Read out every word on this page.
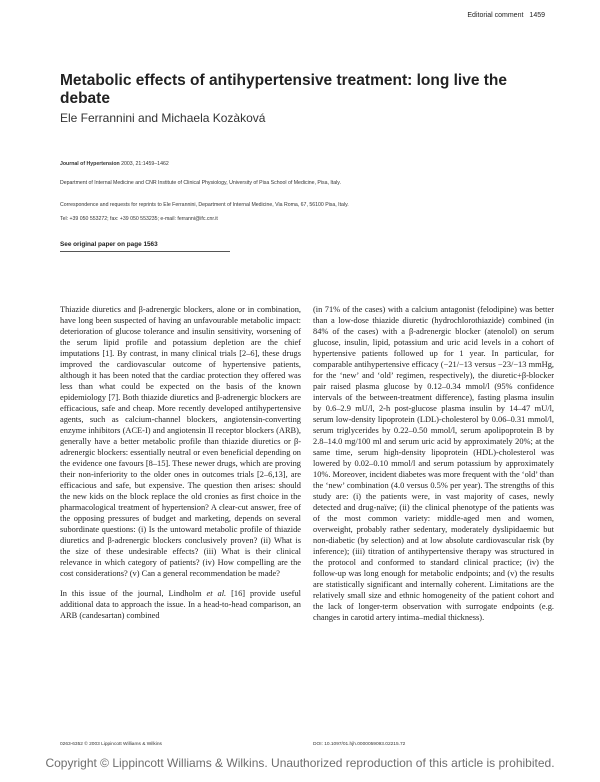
Editorial comment 1459
Metabolic effects of antihypertensive treatment: long live the debate
Ele Ferrannini and Michaela Kozàková
Journal of Hypertension 2003, 21:1459–1462
Department of Internal Medicine and CNR Institute of Clinical Physiology, University of Pisa School of Medicine, Pisa, Italy.
Correspondence and requests for reprints to Ele Ferrannini, Department of Internal Medicine, Via Roma, 67, 56100 Pisa, Italy.
Tel: +39 050 553272; fax: +39 050 553235; e-mail: ferranni@ifc.cnr.it
See original paper on page 1563

Thiazide diuretics and β-adrenergic blockers, alone or in combination, have long been suspected of having an unfavourable metabolic impact: deterioration of glucose tolerance and insulin sensitivity, worsening of the serum lipid profile and potassium depletion are the chief imputations [1]. By contrast, in many clinical trials [2–6], these drugs improved the cardiovascular outcome of hypertensive patients, although it has been noted that the cardiac protection they offered was less than what could be expected on the basis of the known epidemiology [7]. Both thiazide diuretics and β-adrenergic blockers are efficacious, safe and cheap. More recently developed antihypertensive agents, such as calcium-channel blockers, angiotensin-converting enzyme inhibitors (ACE-I) and angiotensin II receptor blockers (ARB), generally have a better metabolic profile than thiazide diuretics or β-adrenergic blockers: essentially neutral or even beneficial depending on the evidence one favours [8–15]. These newer drugs, which are proving their non-inferiority to the older ones in outcomes trials [2–6,13], are efficacious and safe, but expensive. The question then arises: should the new kids on the block replace the old cronies as first choice in the pharmacological treatment of hypertension? A clear-cut answer, free of the opposing pressures of budget and marketing, depends on several subordinate questions: (i) Is the untoward metabolic profile of thiazide diuretics and β-adrenergic blockers conclusively proven? (ii) What is the size of these undesirable effects? (iii) What is their clinical relevance in which category of patients? (iv) How compelling are the cost considerations? (v) Can a general recommendation be made?

In this issue of the journal, Lindholm et al. [16] provide useful additional data to approach the issue. In a head-to-head comparison, an ARB (candesartan) combined

(in 71% of the cases) with a calcium antagonist (felodipine) was better than a low-dose thiazide diuretic (hydrochlorothiazide) combined (in 84% of the cases) with a β-adrenergic blocker (atenolol) on serum glucose, insulin, lipid, potassium and uric acid levels in a cohort of hypertensive patients followed up for 1 year. In particular, for comparable antihypertensive efficacy (−21/−13 versus −23/−13 mmHg, for the ‘new’ and ‘old’ regimen, respectively), the diuretic+β-blocker pair raised plasma glucose by 0.12–0.34 mmol/l (95% confidence intervals of the between-treatment difference), fasting plasma insulin by 0.6–2.9 mU/l, 2-h post-glucose plasma insulin by 14–47 mU/l, serum low-density lipoprotein (LDL)-cholesterol by 0.06–0.31 mmol/l, serum triglycerides by 0.22–0.50 mmol/l, serum apolipoprotein B by 2.8–14.0 mg/100 ml and serum uric acid by approximately 20%; at the same time, serum high-density lipoprotein (HDL)-cholesterol was lowered by 0.02–0.10 mmol/l and serum potassium by approximately 10%. Moreover, incident diabetes was more frequent with the ‘old’ than the ‘new’ combination (4.0 versus 0.5% per year). The strengths of this study are: (i) the patients were, in vast majority of cases, newly detected and drug-naïve; (ii) the clinical phenotype of the patients was of the most common variety: middle-aged men and women, overweight, probably rather sedentary, moderately dyslipidaemic but non-diabetic (by selection) and at low absolute cardiovascular risk (by inference); (iii) titration of antihypertensive therapy was structured in the protocol and conformed to standard clinical practice; (iv) the follow-up was long enough for metabolic endpoints; and (v) the results are statistically significant and internally coherent. Limitations are the relatively small size and ethnic homogeneity of the patient cohort and the lack of longer-term observation with surrogate endpoints (e.g. changes in carotid artery intima–medial thickness).

0263-6352 © 2003 Lippincott Williams & Wilkins	DOI: 10.1097/01.hjh.0000059093.02215.72
Copyright © Lippincott Williams & Wilkins. Unauthorized reproduction of this article is prohibited.
